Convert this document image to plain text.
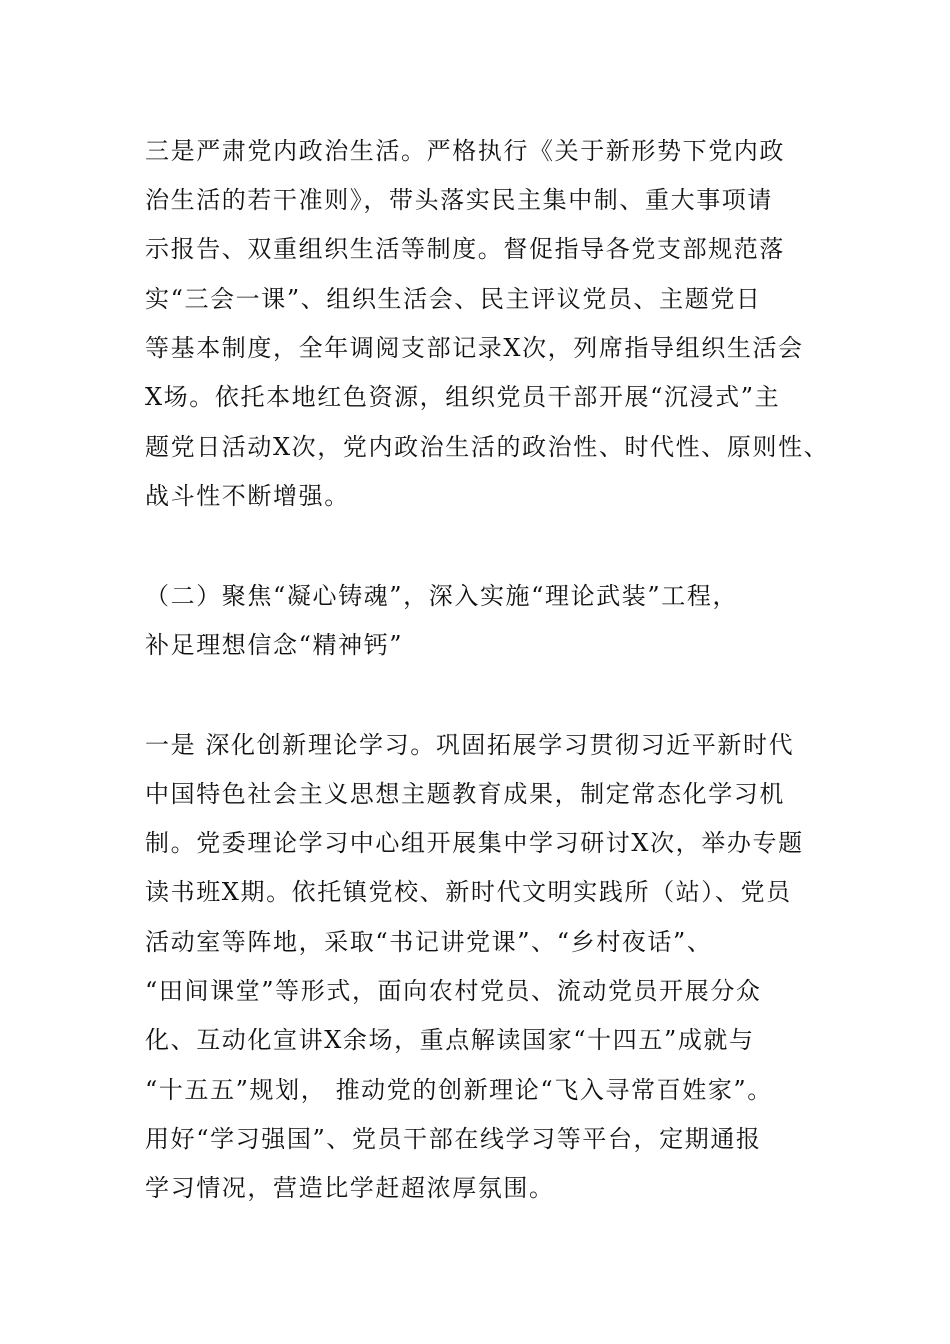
三是严肃党内政治生活。严格执行《关于新形势下党内政
治生活的若干准则》，带头落实民主集中制、重大事项请
示报告、双重组织生活等制度。督促指导各党支部规范落
实“三会一课”、组织生活会、民主评议党员、主题党日
等基本制度，全年调阅支部记录X次，列席指导组织生活会
X场。依托本地红色资源，组织党员干部开展“沉浸式”主
题党日活动X次，党内政治生活的政治性、时代性、原则性、
战斗性不断增强。
（二）聚焦“凝心铸魂”，深入实施“理论武装”工程，
补足理想信念“精神钙”
一是 深化创新理论学习。巩固拓展学习贯彻习近平新时代
中国特色社会主义思想主题教育成果，制定常态化学习机
制。党委理论学习中心组开展集中学习研讨X次，举办专题
读书班X期。依托镇党校、新时代文明实践所（站）、党员
活动室等阵地，采取“书记讲党课”、“乡村夜话”、
“田间课堂”等形式，面向农村党员、流动党员开展分众
化、互动化宣讲X余场，重点解读国家“十四五”成就与
“十五五”规划， 推动党的创新理论“飞入寻常百姓家”。
用好“学习强国”、党员干部在线学习等平台，定期通报
学习情况，营造比学赶超浓厚氛围。
